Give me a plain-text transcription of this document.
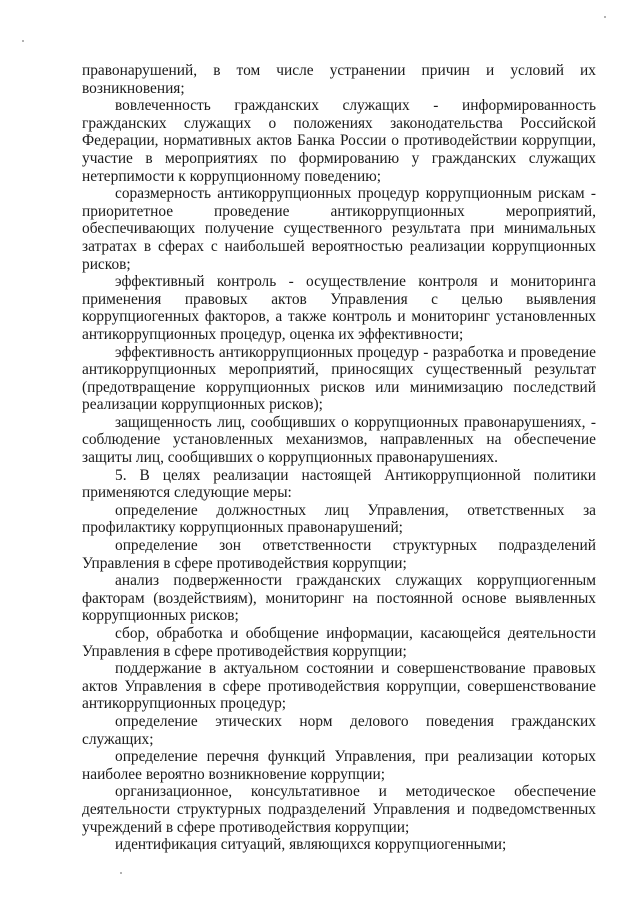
правонарушений, в том числе устранении причин и условий их возникновения;

вовлеченность гражданских служащих - информированность гражданских служащих о положениях законодательства Российской Федерации, нормативных актов Банка России о противодействии коррупции, участие в мероприятиях по формированию у гражданских служащих нетерпимости к коррупционному поведению;

соразмерность антикоррупционных процедур коррупционным рискам - приоритетное проведение антикоррупционных мероприятий, обеспечивающих получение существенного результата при минимальных затратах в сферах с наибольшей вероятностью реализации коррупционных рисков;

эффективный контроль - осуществление контроля и мониторинга применения правовых актов Управления с целью выявления коррупциогенных факторов, а также контроль и мониторинг установленных антикоррупционных процедур, оценка их эффективности;

эффективность антикоррупционных процедур - разработка и проведение антикоррупционных мероприятий, приносящих существенный результат (предотвращение коррупционных рисков или минимизацию последствий реализации коррупционных рисков);

защищенность лиц, сообщивших о коррупционных правонарушениях, - соблюдение установленных механизмов, направленных на обеспечение защиты лиц, сообщивших о коррупционных правонарушениях.

5. В целях реализации настоящей Антикоррупционной политики применяются следующие меры:

определение должностных лиц Управления, ответственных за профилактику коррупционных правонарушений;

определение зон ответственности структурных подразделений Управления в сфере противодействия коррупции;

анализ подверженности гражданских служащих коррупциогенным факторам (воздействиям), мониторинг на постоянной основе выявленных коррупционных рисков;

сбор, обработка и обобщение информации, касающейся деятельности Управления в сфере противодействия коррупции;

поддержание в актуальном состоянии и совершенствование правовых актов Управления в сфере противодействия коррупции, совершенствование антикоррупционных процедур;

определение этических норм делового поведения гражданских служащих;

определение перечня функций Управления, при реализации которых наиболее вероятно возникновение коррупции;

организационное, консультативное и методическое обеспечение деятельности структурных подразделений Управления и подведомственных учреждений в сфере противодействия коррупции;

идентификация ситуаций, являющихся коррупциогенными;
